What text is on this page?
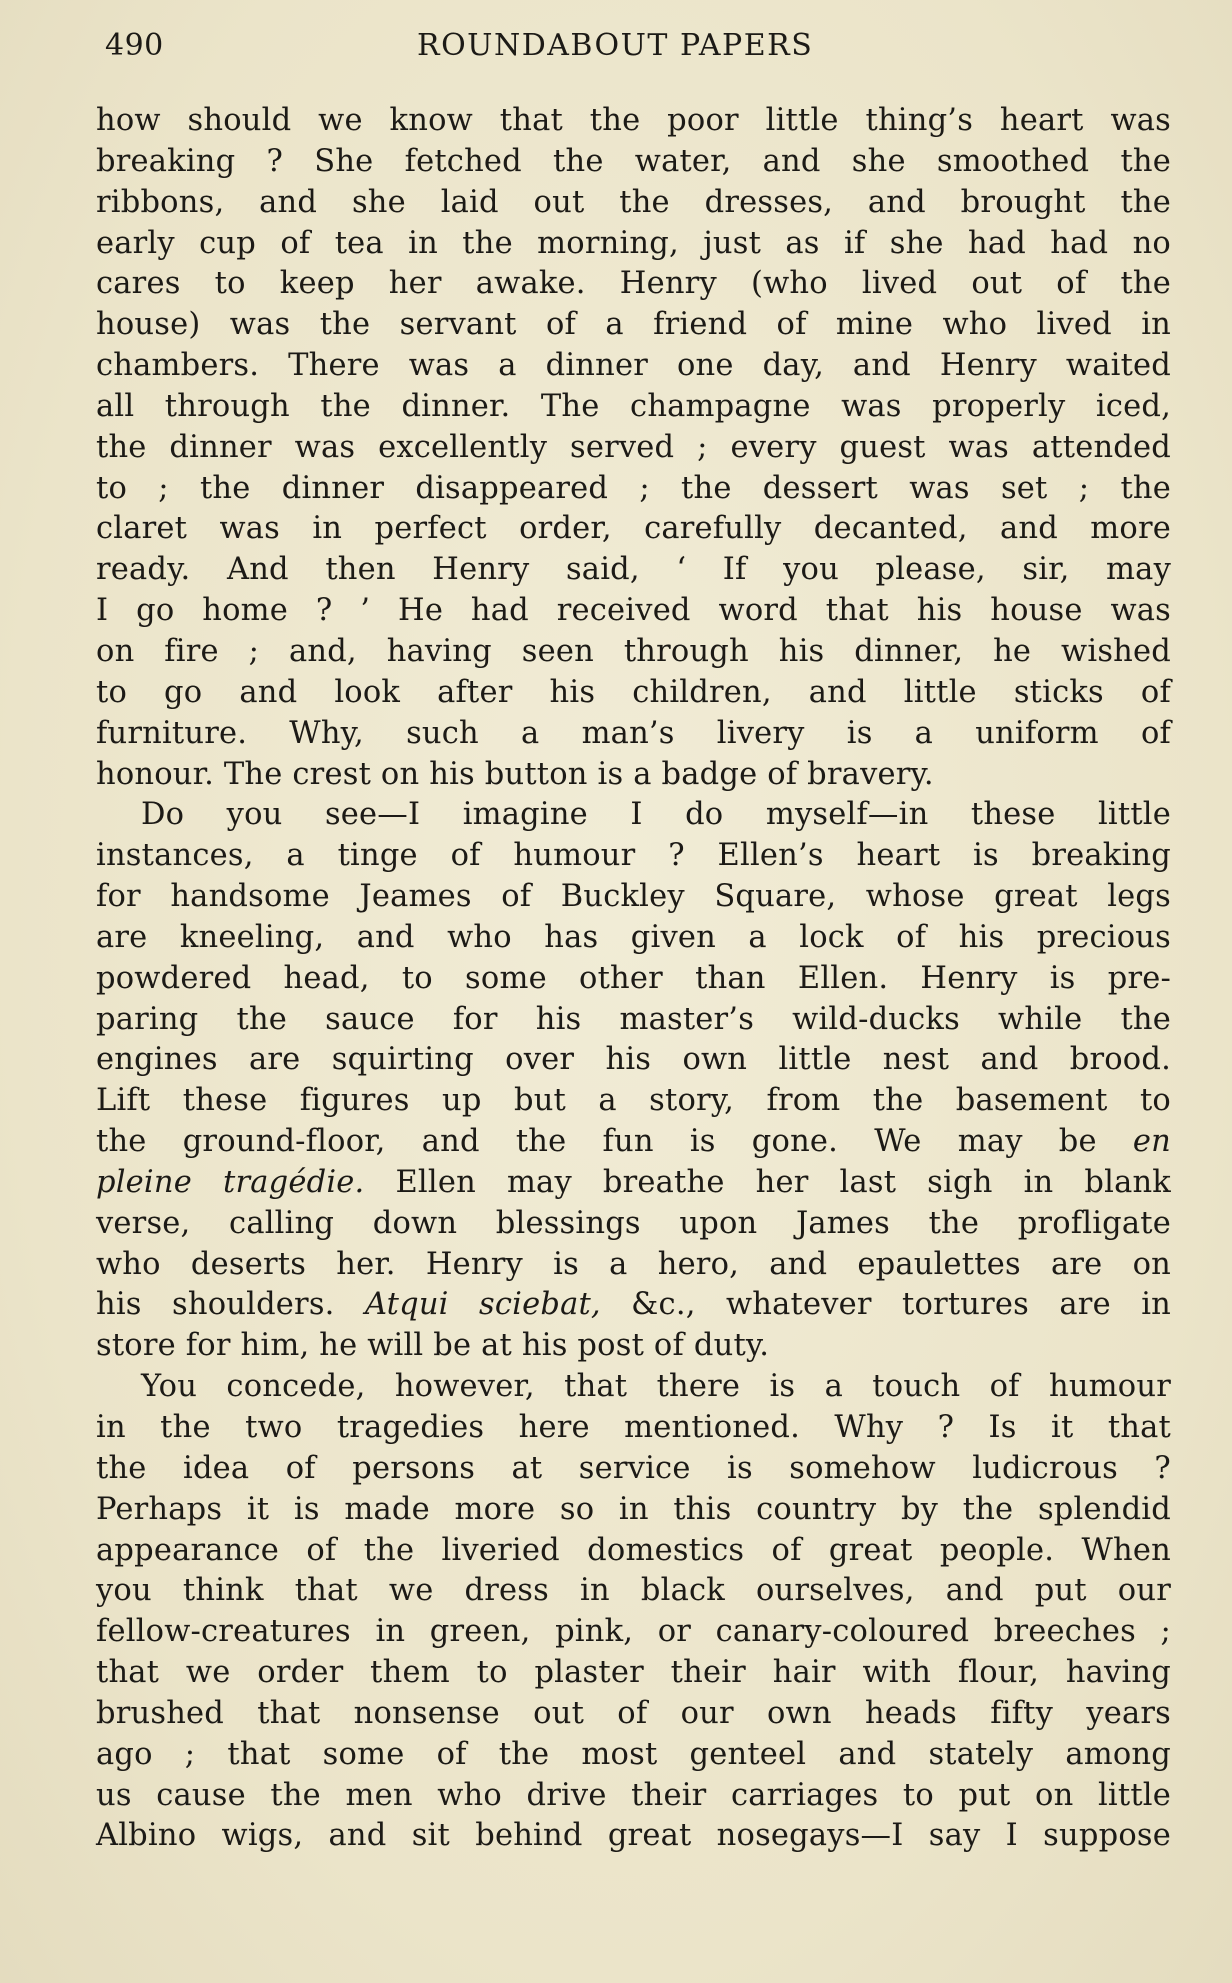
490	ROUNDABOUT PAPERS
how should we know that the poor little thing’s heart was
breaking ? She fetched the water, and she smoothed the
ribbons, and she laid out the dresses, and brought the
early cup of tea in the morning, just as if she had had no
cares to keep her awake. Henry (who lived out of the
house) was the servant of a friend of mine who lived in
chambers. There was a dinner one day, and Henry waited
all through the dinner. The champagne was properly iced,
the dinner was excellently served ; every guest was attended
to ; the dinner disappeared ; the dessert was set ; the
claret was in perfect order, carefully decanted, and more
ready. And then Henry said, ‘ If you please, sir, may
I go home ? ’ He had received word that his house was
on fire ; and, having seen through his dinner, he wished
to go and look after his children, and little sticks of
furniture. Why, such a man’s livery is a uniform of
honour. The crest on his button is a badge of bravery.
Do you see—I imagine I do myself—in these little
instances, a tinge of humour ? Ellen’s heart is breaking
for handsome Jeames of Buckley Square, whose great legs
are kneeling, and who has given a lock of his precious
powdered head, to some other than Ellen. Henry is pre-
paring the sauce for his master’s wild-ducks while the
engines are squirting over his own little nest and brood.
Lift these figures up but a story, from the basement to
the ground-floor, and the fun is gone. We may be en
pleine tragédie. Ellen may breathe her last sigh in blank
verse, calling down blessings upon James the profligate
who deserts her. Henry is a hero, and epaulettes are on
his shoulders. Atqui sciebat, &c., whatever tortures are in
store for him, he will be at his post of duty.
You concede, however, that there is a touch of humour
in the two tragedies here mentioned. Why ? Is it that
the idea of persons at service is somehow ludicrous ?
Perhaps it is made more so in this country by the splendid
appearance of the liveried domestics of great people. When
you think that we dress in black ourselves, and put our
fellow-creatures in green, pink, or canary-coloured breeches ;
that we order them to plaster their hair with flour, having
brushed that nonsense out of our own heads fifty years
ago ; that some of the most genteel and stately among
us cause the men who drive their carriages to put on little
Albino wigs, and sit behind great nosegays—I say I suppose
